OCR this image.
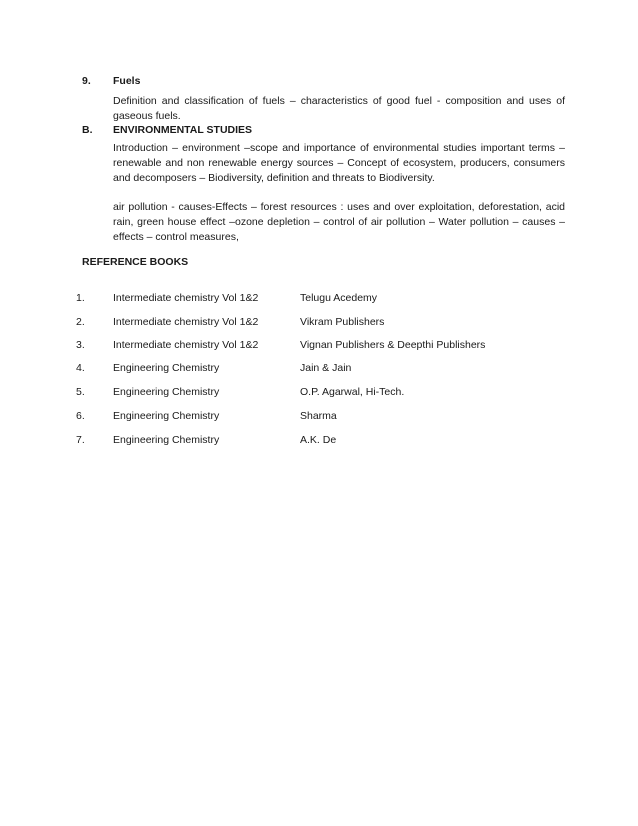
9. Fuels
Definition and classification of fuels – characteristics of good fuel - composition and uses of gaseous fuels.
B. ENVIRONMENTAL STUDIES
Introduction – environment –scope and importance of environmental studies important terms – renewable and non renewable energy sources – Concept of ecosystem, producers, consumers and decomposers – Biodiversity, definition and threats to Biodiversity.
air pollution - causes-Effects – forest resources : uses and over exploitation, deforestation, acid rain, green house effect –ozone depletion – control of air pollution – Water pollution – causes – effects – control measures,
REFERENCE BOOKS
1.	Intermediate chemistry Vol 1&2	Telugu Acedemy
2.	Intermediate chemistry Vol 1&2	Vikram Publishers
3.	Intermediate chemistry Vol 1&2	Vignan Publishers & Deepthi Publishers
4.	Engineering Chemistry	Jain & Jain
5.	Engineering Chemistry	O.P. Agarwal, Hi-Tech.
6.	Engineering Chemistry	Sharma
7.	Engineering Chemistry	A.K. De
